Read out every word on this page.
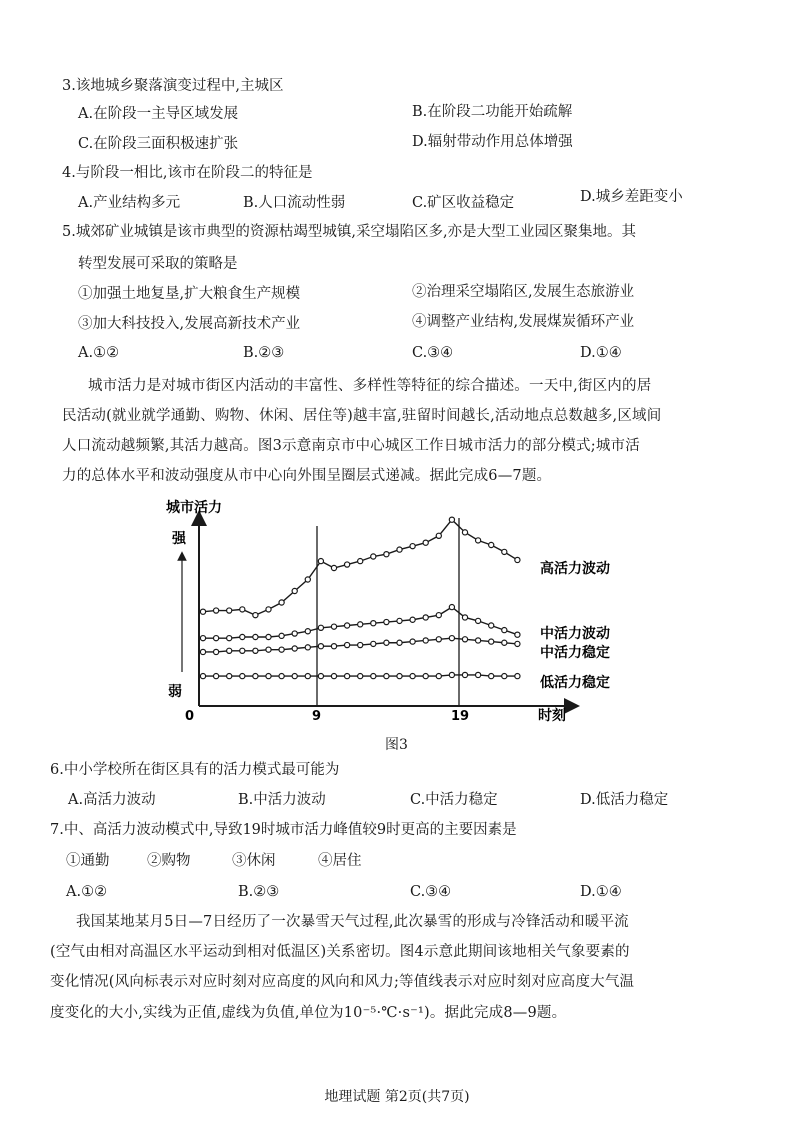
3.该地城乡聚落演变过程中,主城区
A.在阶段一主导区域发展	B.在阶段二功能开始疏解
C.在阶段三面积极速扩张	D.辐射带动作用总体增强
4.与阶段一相比,该市在阶段二的特征是
A.产业结构多元	B.人口流动性弱	C.矿区收益稳定	D.城乡差距变小
5.城郊矿业城镇是该市典型的资源枯竭型城镇,采空塌陷区多,亦是大型工业园区聚集地。其
转型发展可采取的策略是
①加强土地复垦,扩大粮食生产规模	②治理采空塌陷区,发展生态旅游业
③加大科技投入,发展高新技术产业	④调整产业结构,发展煤炭循环产业
A.①②	B.②③	C.③④	D.①④
城市活力是对城市街区内活动的丰富性、多样性等特征的综合描述。一天中,街区内的居
民活动(就业就学通勤、购物、休闲、居住等)越丰富,驻留时间越长,活动地点总数越多,区域间
人口流动越频繁,其活力越高。图3示意南京市中心城区工作日城市活力的部分模式;城市活
力的总体水平和波动强度从市中心向外围呈圈层式递减。据此完成6—7题。
城市活力
强
弱
时刻
0	9	19
高活力波动
中活力波动
中活力稳定
低活力稳定
图3
6.中小学校所在街区具有的活力模式最可能为
A.高活力波动	B.中活力波动	C.中活力稳定	D.低活力稳定
7.中、高活力波动模式中,导致19时城市活力峰值较9时更高的主要因素是
①通勤	②购物	③休闲	④居住
A.①②	B.②③	C.③④	D.①④
我国某地某月5日—7日经历了一次暴雪天气过程,此次暴雪的形成与冷锋活动和暖平流
(空气由相对高温区水平运动到相对低温区)关系密切。图4示意此期间该地相关气象要素的
变化情况(风向标表示对应时刻对应高度的风向和风力;等值线表示对应时刻对应高度大气温
度变化的大小,实线为正值,虚线为负值,单位为10⁻⁵·℃·s⁻¹)。据此完成8—9题。
地理试题 第2页(共7页)
